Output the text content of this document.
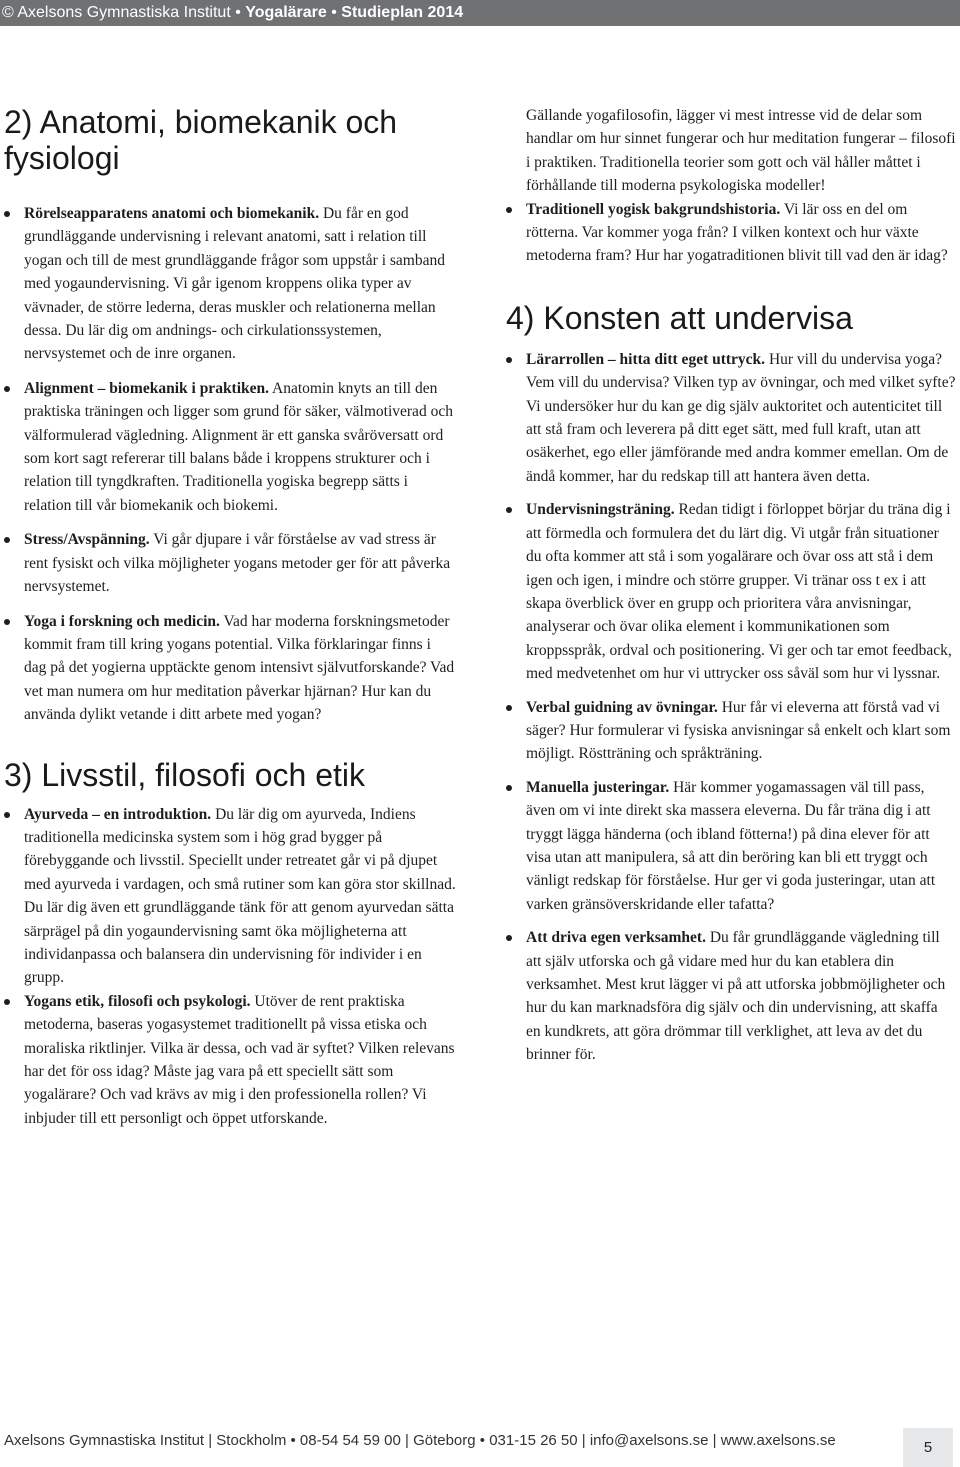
© Axelsons Gymnastiska Institut • Yogalärare • Studieplan 2014
2) Anatomi, biomekanik och fysiologi
Rörelseapparatens anatomi och biomekanik. Du får en god grundläggande undervisning i relevant anatomi, satt i relation till yogan och till de mest grundläggande frågor som uppstår i samband med yogaundervisning. Vi går igenom kroppens olika typer av vävnader, de större lederna, deras muskler och relationerna mellan dessa. Du lär dig om andnings- och cirkulationssystemen, nervsystemet och de inre organen.
Alignment – biomekanik i praktiken. Anatomin knyts an till den praktiska träningen och ligger som grund för säker, välmotiverad och välformulerad vägledning. Alignment är ett ganska svåröversatt ord som kort sagt refererar till balans både i kroppens strukturer och i relation till tyngdkraften. Traditionella yogiska begrepp sätts i relation till vår biomekanik och biokemi.
Stress/Avspänning. Vi går djupare i vår förståelse av vad stress är rent fysiskt och vilka möjligheter yogans metoder ger för att påverka nervsystemet.
Yoga i forskning och medicin. Vad har moderna forskningsmetoder kommit fram till kring yogans potential. Vilka förklaringar finns i dag på det yogierna upptäckte genom intensivt självutforskande? Vad vet man numera om hur meditation påverkar hjärnan? Hur kan du använda dylikt vetande i ditt arbete med yogan?
3) Livsstil, filosofi och etik
Ayurveda – en introduktion. Du lär dig om ayurveda, Indiens traditionella medicinska system som i hög grad bygger på förebyggande och livsstil. Speciellt under retreatet går vi på djupet med ayurveda i vardagen, och små rutiner som kan göra stor skillnad. Du lär dig även ett grundläggande tänk för att genom ayurvedan sätta särprägel på din yogaundervisning samt öka möjligheterna att individanpassa och balansera din undervisning för individer i en grupp.
Yogans etik, filosofi och psykologi. Utöver de rent praktiska metoderna, baseras yogasystemet traditionellt på vissa etiska och moraliska riktlinjer. Vilka är dessa, och vad är syftet? Vilken relevans har det för oss idag? Måste jag vara på ett speciellt sätt som yogalärare? Och vad krävs av mig i den professionella rollen? Vi inbjuder till ett personligt och öppet utforskande.
Gällande yogafilosofin, lägger vi mest intresse vid de delar som handlar om hur sinnet fungerar och hur meditation fungerar – filosofi i praktiken. Traditionella teorier som gott och väl håller måttet i förhållande till moderna psykologiska modeller!
Traditionell yogisk bakgrundshistoria. Vi lär oss en del om rötterna. Var kommer yoga från? I vilken kontext och hur växte metoderna fram? Hur har yogatraditionen blivit till vad den är idag?
4) Konsten att undervisa
Lärarrollen – hitta ditt eget uttryck. Hur vill du undervisa yoga? Vem vill du undervisa? Vilken typ av övningar, och med vilket syfte? Vi undersöker hur du kan ge dig själv auktoritet och autenticitet till att stå fram och leverera på ditt eget sätt, med full kraft, utan att osäkerhet, ego eller jämförande med andra kommer emellan. Om de ändå kommer, har du redskap till att hantera även detta.
Undervisningsträning. Redan tidigt i förloppet börjar du träna dig i att förmedla och formulera det du lärt dig. Vi utgår från situationer du ofta kommer att stå i som yogalärare och övar oss att stå i dem igen och igen, i mindre och större grupper. Vi tränar oss t ex i att skapa överblick över en grupp och prioritera våra anvisningar, analyserar och övar olika element i kommunikationen som kroppsspråk, ordval och positionering. Vi ger och tar emot feedback, med medvetenhet om hur vi uttrycker oss såväl som hur vi lyssnar.
Verbal guidning av övningar. Hur får vi eleverna att förstå vad vi säger? Hur formulerar vi fysiska anvisningar så enkelt och klart som möjligt. Röstträning och språkträning.
Manuella justeringar. Här kommer yogamassagen väl till pass, även om vi inte direkt ska massera eleverna. Du får träna dig i att tryggt lägga händerna (och ibland fötterna!) på dina elever för att visa utan att manipulera, så att din beröring kan bli ett tryggt och vänligt redskap för förståelse. Hur ger vi goda justeringar, utan att varken gränsöverskridande eller tafatta?
Att driva egen verksamhet. Du får grundläggande vägledning till att själv utforska och gå vidare med hur du kan etablera din verksamhet. Mest krut lägger vi på att utforska jobbmöjligheter och hur du kan marknadsföra dig själv och din undervisning, att skaffa en kundkrets, att göra drömmar till verklighet, att leva av det du brinner för.
Axelsons Gymnastiska Institut | Stockholm • 08-54 54 59 00 | Göteborg • 031-15 26 50 | info@axelsons.se | www.axelsons.se	5
